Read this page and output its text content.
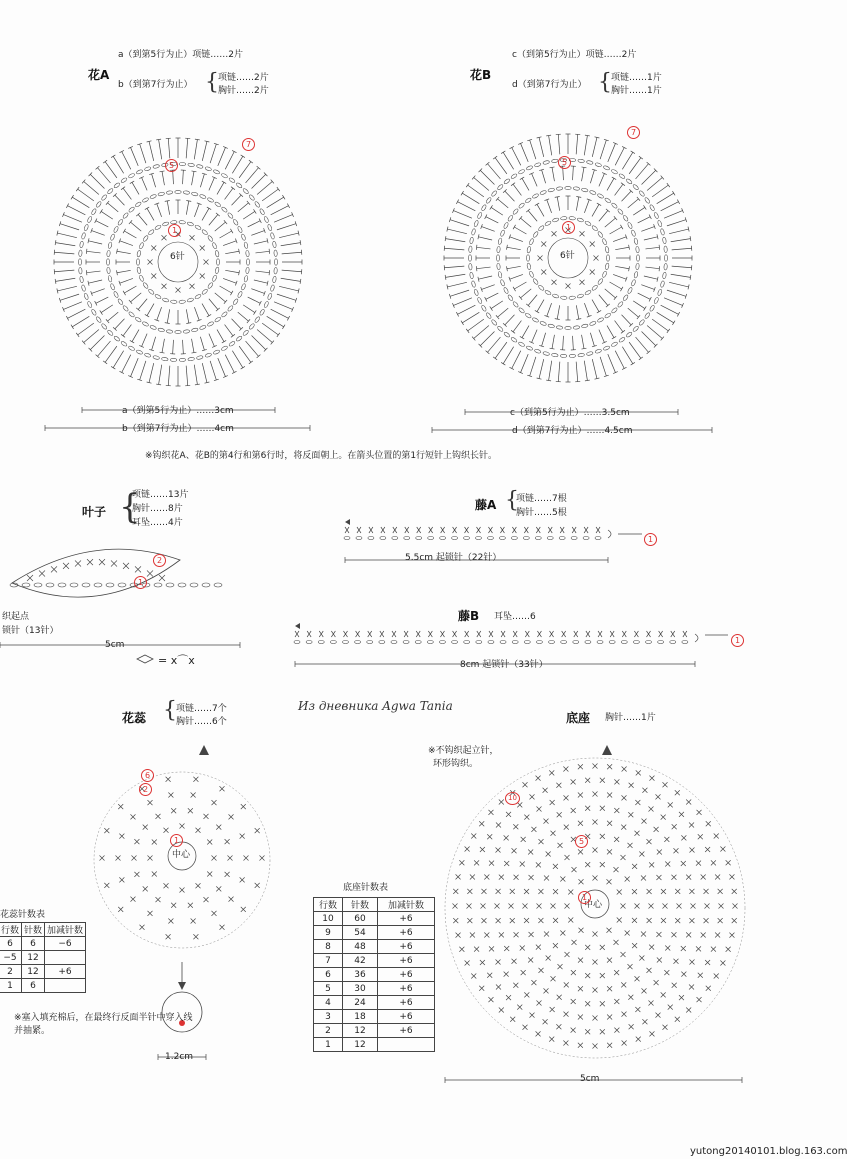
花A
a（到第5行为止）项链……2片
b（到第7行为止） { 项链……2片
胸针……2片
6针
a（到第5行为止）……3cm
b（到第7行为止）……4cm
花B
c（到第5行为止）项链……2片
d（到第7行为止） { 项链……1片
胸针……1片
6针
c（到第5行为止）……3.5cm
d（到第7行为止）……4.5cm
※钩织花A、花B的第4行和第6行时，将反面朝上。在箭头位置的第1行短针上钩织长针。
叶子 {
项链……13片
胸针……8片
耳坠……4片
织起点
锁针（13针）
5cm
= ⅹ⌒ⅹ
藤A {
项链……7根
胸针……5根
5.5cm 起锁针（22针）
藤B 耳坠……6
8cm 起锁针（33针）
Из дневника Agwa Tania
花蕊 { 项链……7个
胸针……6个
中心
花蕊针数表
※塞入填充棉后，在最终行反面半针中穿入线并抽紧。
1.2cm
行数	针数	加减针数
6	6	−6
−5	12	
2	12	+6
1	6	
底座 胸针……1片
※不钩织起立针，
环形钩织。
中心
5cm
底座针数表
行数	针数	加减针数
10	60	+6
9	54	+6
8	48	+6
7	42	+6
6	36	+6
5	30	+6
4	24	+6
3	18	+6
2	12	+6
1	12	
7
5
1
7
5
1
2
1
1
1
6
2
1
10
5
1
yutong20140101.blog.163.com
